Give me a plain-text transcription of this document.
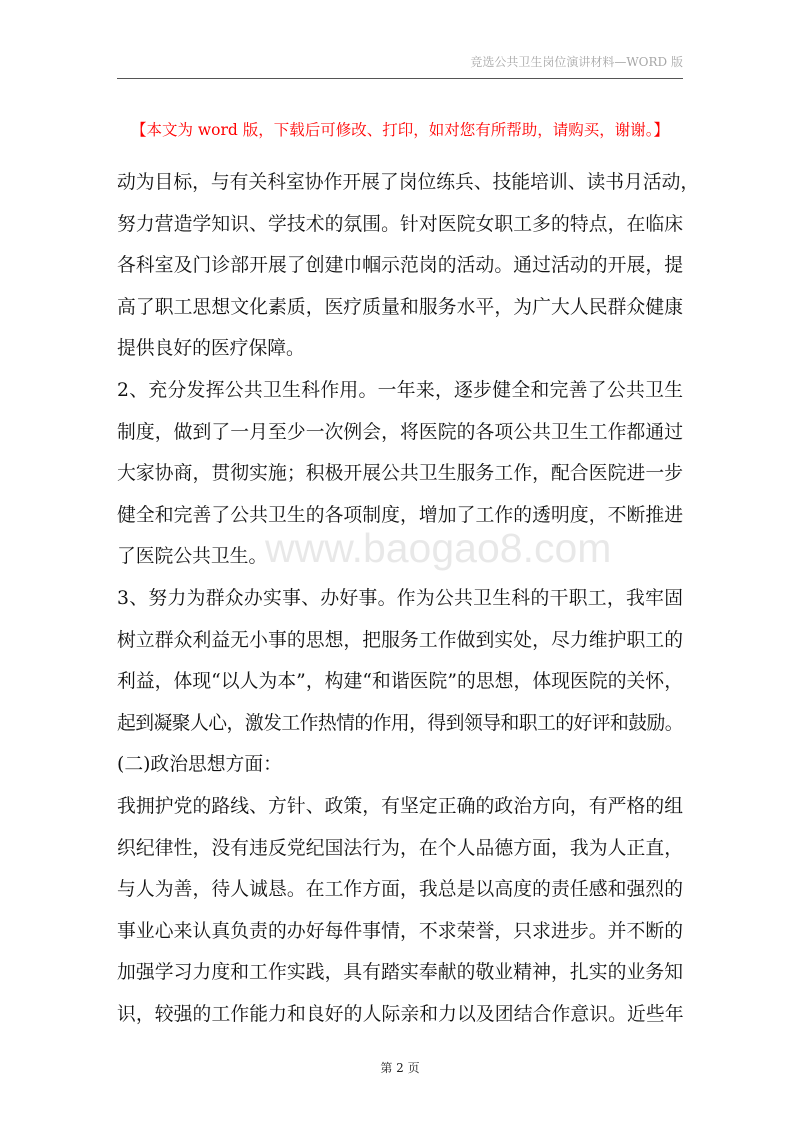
竞选公共卫生岗位演讲材料—WORD 版
【本文为 word 版，下载后可修改、打印，如对您有所帮助，请购买，谢谢。】
动为目标，与有关科室协作开展了岗位练兵、技能培训、读书月活动，
努力营造学知识、学技术的氛围。针对医院女职工多的特点，在临床
各科室及门诊部开展了创建巾帼示范岗的活动。通过活动的开展，提
高了职工思想文化素质，医疗质量和服务水平，为广大人民群众健康
提供良好的医疗保障。
2、充分发挥公共卫生科作用。一年来，逐步健全和完善了公共卫生
制度，做到了一月至少一次例会，将医院的各项公共卫生工作都通过
大家协商，贯彻实施；积极开展公共卫生服务工作，配合医院进一步
健全和完善了公共卫生的各项制度，增加了工作的透明度，不断推进
了医院公共卫生。
3、努力为群众办实事、办好事。作为公共卫生科的干职工，我牢固
树立群众利益无小事的思想，把服务工作做到实处，尽力维护职工的
利益，体现“以人为本”，构建“和谐医院”的思想，体现医院的关怀，
起到凝聚人心，激发工作热情的作用，得到领导和职工的好评和鼓励。
(二)政治思想方面：
我拥护党的路线、方针、政策，有坚定正确的政治方向，有严格的组
织纪律性，没有违反党纪国法行为，在个人品德方面，我为人正直，
与人为善，待人诚恳。在工作方面，我总是以高度的责任感和强烈的
事业心来认真负责的办好每件事情，不求荣誉，只求进步。并不断的
加强学习力度和工作实践，具有踏实奉献的敬业精神，扎实的业务知
识，较强的工作能力和良好的人际亲和力以及团结合作意识。近些年
www.baogao8.com
第 2 页
